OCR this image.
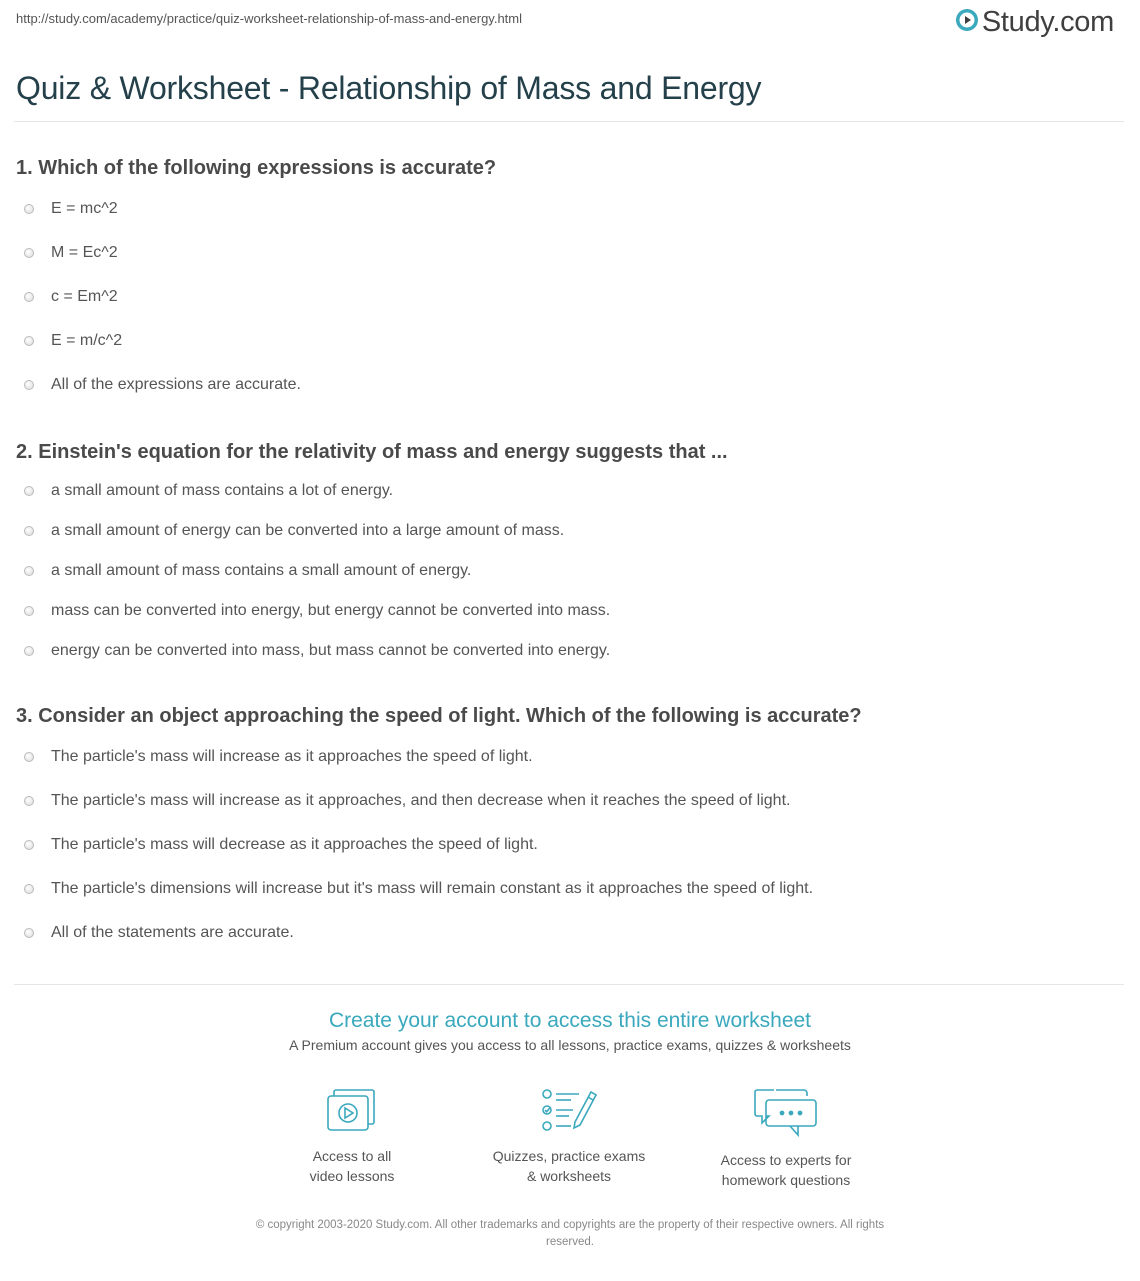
http://study.com/academy/practice/quiz-worksheet-relationship-of-mass-and-energy.html	Study.com
Quiz & Worksheet - Relationship of Mass and Energy

1. Which of the following expressions is accurate?

E = mc^2
M = Ec^2
c = Em^2
E = m/c^2
All of the expressions are accurate.

2. Einstein's equation for the relativity of mass and energy suggests that ...

a small amount of mass contains a lot of energy.
a small amount of energy can be converted into a large amount of mass.
a small amount of mass contains a small amount of energy.
mass can be converted into energy, but energy cannot be converted into mass.
energy can be converted into mass, but mass cannot be converted into energy.

3. Consider an object approaching the speed of light. Which of the following is accurate?

The particle's mass will increase as it approaches the speed of light.
The particle's mass will increase as it approaches, and then decrease when it reaches the speed of light.
The particle's mass will decrease as it approaches the speed of light.
The particle's dimensions will increase but it's mass will remain constant as it approaches the speed of light.
All of the statements are accurate.
Create your account to access this entire worksheet
A Premium account gives you access to all lessons, practice exams, quizzes & worksheets
Access to all
video lessons
Quizzes, practice exams
& worksheets
Access to experts for
homework questions
© copyright 2003-2020 Study.com. All other trademarks and copyrights are the property of their respective owners. All rights
reserved.
